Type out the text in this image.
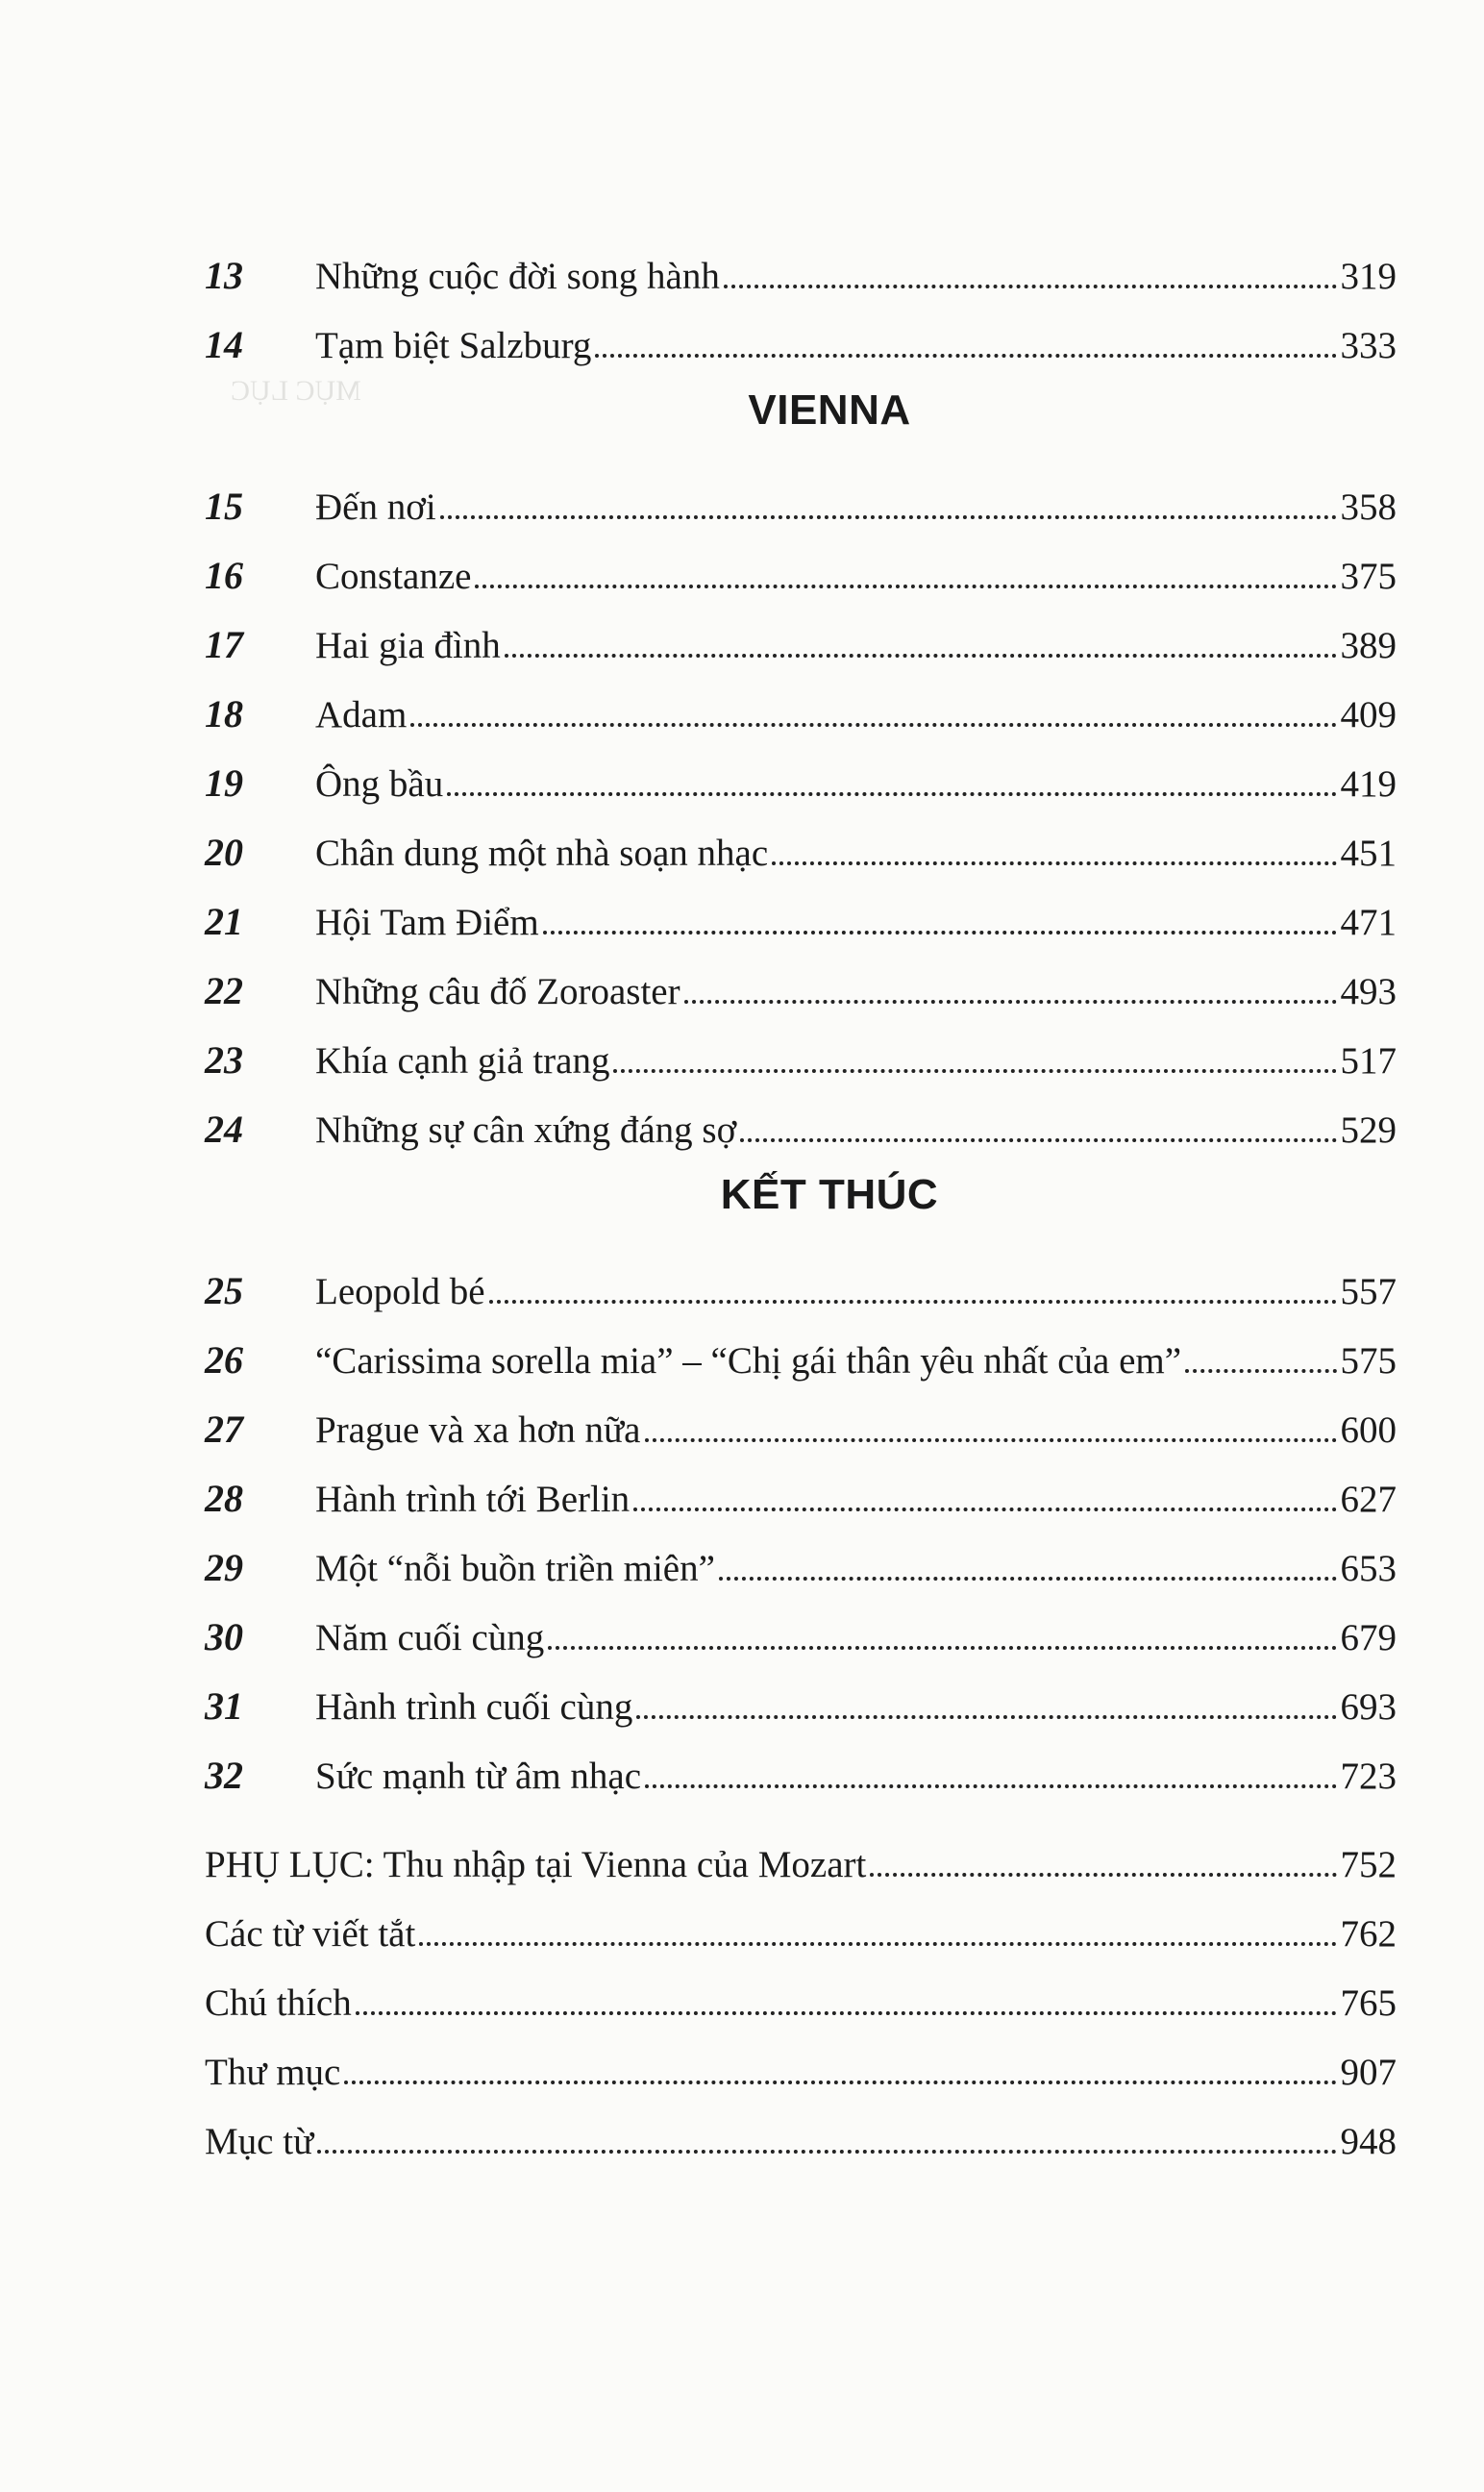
MỤC LỤC
13	Những cuộc đời song hành	319
14	Tạm biệt Salzburg	333
VIENNA
15	Đến nơi	358
16	Constanze	375
17	Hai gia đình	389
18	Adam	409
19	Ông bầu	419
20	Chân dung một nhà soạn nhạc	451
21	Hội Tam Điểm	471
22	Những câu đố Zoroaster	493
23	Khía cạnh giả trang	517
24	Những sự cân xứng đáng sợ	529
KẾT THÚC
25	Leopold bé	557
26	“Carissima sorella mia” – “Chị gái thân yêu nhất của em”	575
27	Prague và xa hơn nữa	600
28	Hành trình tới Berlin	627
29	Một “nỗi buồn triền miên”	653
30	Năm cuối cùng	679
31	Hành trình cuối cùng	693
32	Sức mạnh từ âm nhạc	723
PHỤ LỤC: Thu nhập tại Vienna của Mozart	752
Các từ viết tắt	762
Chú thích	765
Thư mục	907
Mục từ	948
